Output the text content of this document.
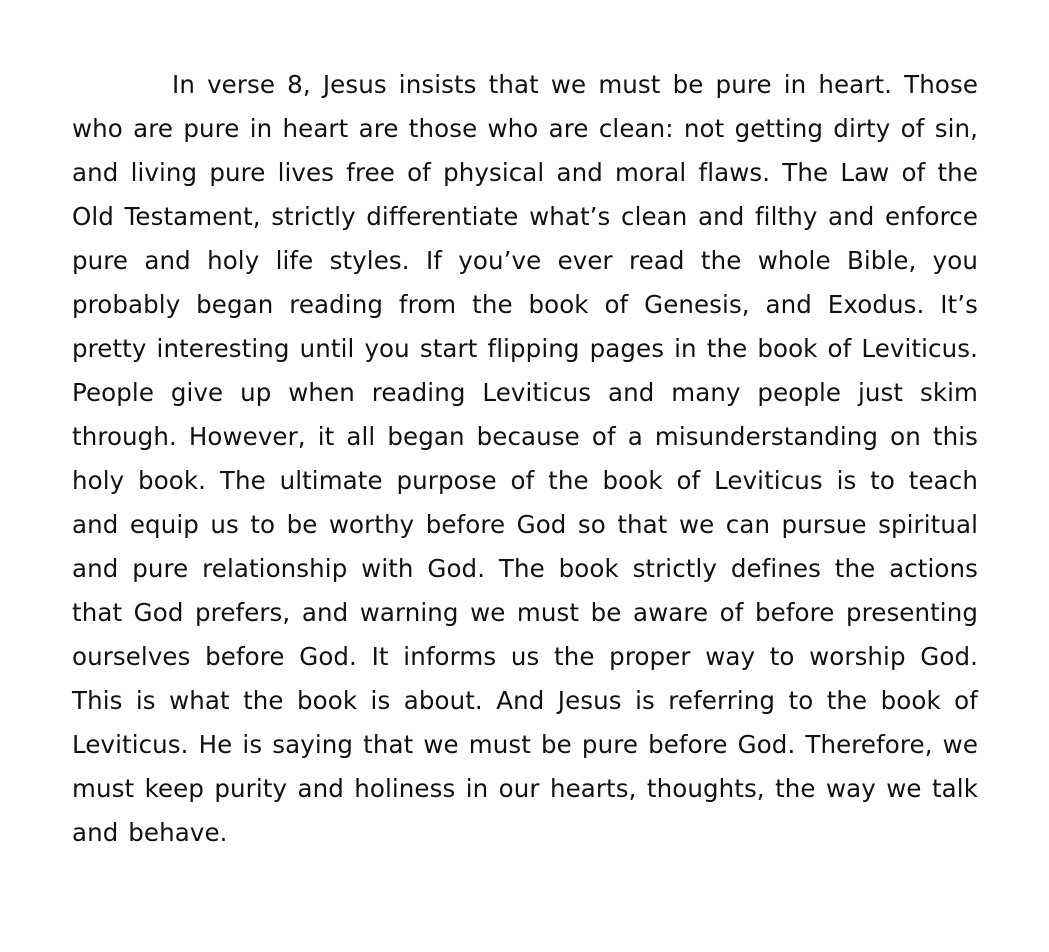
In verse 8, Jesus insists that we must be pure in heart. Those who are pure in heart are those who are clean: not getting dirty of sin, and living pure lives free of physical and moral flaws. The Law of the Old Testament, strictly differentiate what’s clean and filthy and enforce pure and holy life styles. If you’ve ever read the whole Bible, you probably began reading from the book of Genesis, and Exodus. It’s pretty interesting until you start flipping pages in the book of Leviticus. People give up when reading Leviticus and many people just skim through. However, it all began because of a misunderstanding on this holy book. The ultimate purpose of the book of Leviticus is to teach and equip us to be worthy before God so that we can pursue spiritual and pure relationship with God. The book strictly defines the actions that God prefers, and warning we must be aware of before presenting ourselves before God. It informs us the proper way to worship God. This is what the book is about. And Jesus is referring to the book of Leviticus. He is saying that we must be pure before God. Therefore, we must keep purity and holiness in our hearts, thoughts, the way we talk and behave.
